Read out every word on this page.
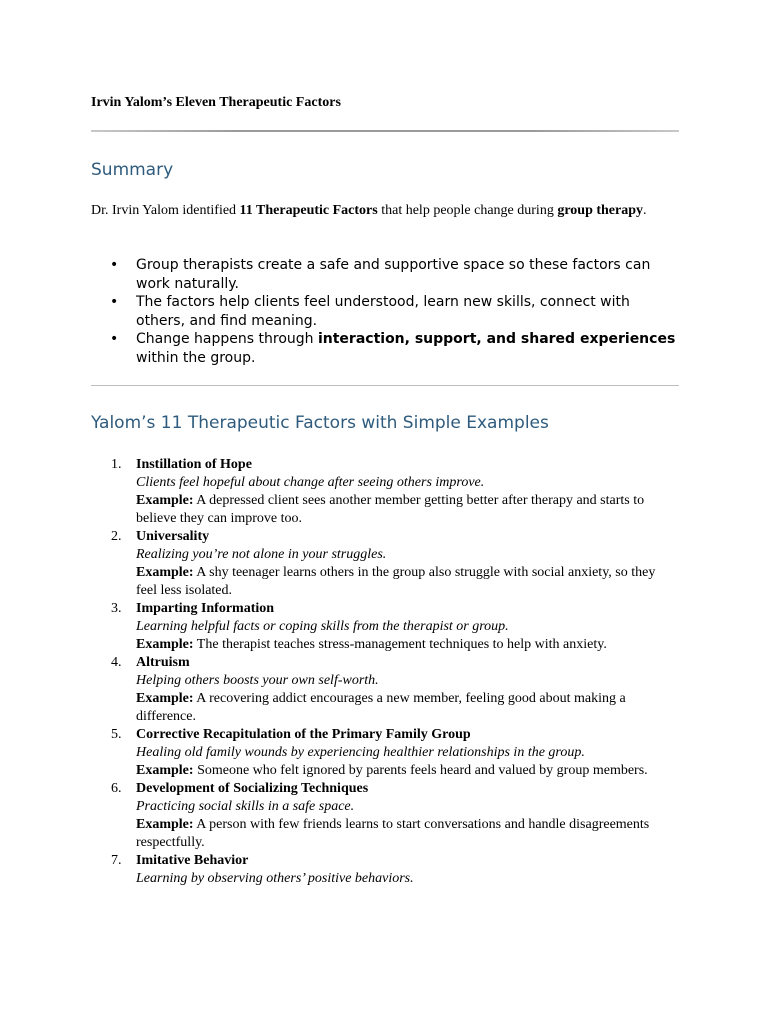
Irvin Yalom’s Eleven Therapeutic Factors
Summary
Dr. Irvin Yalom identified 11 Therapeutic Factors that help people change during group therapy.
• Group therapists create a safe and supportive space so these factors can work naturally.
• The factors help clients feel understood, learn new skills, connect with others, and find meaning.
• Change happens through interaction, support, and shared experiences within the group.
Yalom’s 11 Therapeutic Factors with Simple Examples
1. Instillation of Hope
Clients feel hopeful about change after seeing others improve.
Example: A depressed client sees another member getting better after therapy and starts to believe they can improve too.
2. Universality
Realizing you’re not alone in your struggles.
Example: A shy teenager learns others in the group also struggle with social anxiety, so they feel less isolated.
3. Imparting Information
Learning helpful facts or coping skills from the therapist or group.
Example: The therapist teaches stress-management techniques to help with anxiety.
4. Altruism
Helping others boosts your own self-worth.
Example: A recovering addict encourages a new member, feeling good about making a difference.
5. Corrective Recapitulation of the Primary Family Group
Healing old family wounds by experiencing healthier relationships in the group.
Example: Someone who felt ignored by parents feels heard and valued by group members.
6. Development of Socializing Techniques
Practicing social skills in a safe space.
Example: A person with few friends learns to start conversations and handle disagreements respectfully.
7. Imitative Behavior
Learning by observing others’ positive behaviors.
